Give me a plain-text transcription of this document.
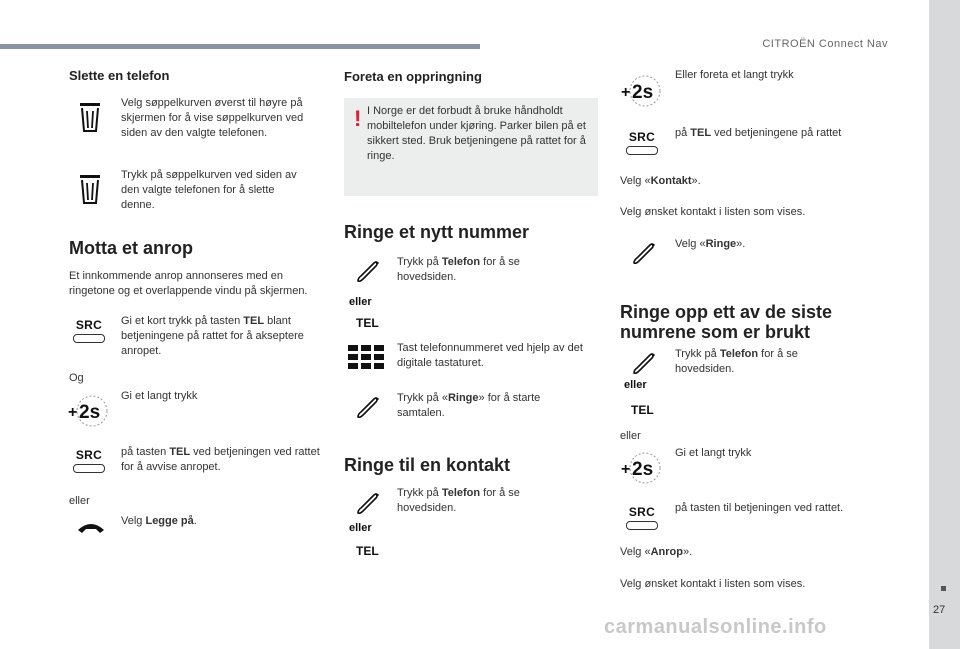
CITROËN Connect Nav
27
carmanualsonline.info
Slette en telefon
Velg søppelkurven øverst til høyre på skjermen for å vise søppelkurven ved siden av den valgte telefonen.
Trykk på søppelkurven ved siden av den valgte telefonen for å slette denne.
Motta et anrop
Et innkommende anrop annonseres med en ringetone og et overlappende vindu på skjermen.
SRC	Gi et kort trykk på tasten TEL blant betjeningene på rattet for å akseptere anropet.
Og
+ 2s
Gi et langt trykk
SRC	på tasten TEL ved betjeningen ved rattet for å avvise anropet.
eller
Velg Legge på.
Foreta en oppringning
! I Norge er det forbudt å bruke håndholdt mobiltelefon under kjøring. Parker bilen på et sikkert sted. Bruk betjeningene på rattet for å ringe.
Ringe et nytt nummer
eller
TEL
Trykk på Telefon for å se hovedsiden.
Tast telefonnummeret ved hjelp av det digitale tastaturet.
Trykk på «Ringe» for å starte samtalen.
Ringe til en kontakt
eller
TEL
Trykk på Telefon for å se hovedsiden.
+ 2s
Eller foreta et langt trykk
SRC	på TEL ved betjeningene på rattet
Velg «Kontakt».
Velg ønsket kontakt i listen som vises.
Velg «Ringe».
Ringe opp ett av de siste
numrene som er brukt
eller
TEL
Trykk på Telefon for å se hovedsiden.
eller
+ 2s
Gi et langt trykk
SRC	på tasten til betjeningen ved rattet.
Velg «Anrop».
Velg ønsket kontakt i listen som vises.
